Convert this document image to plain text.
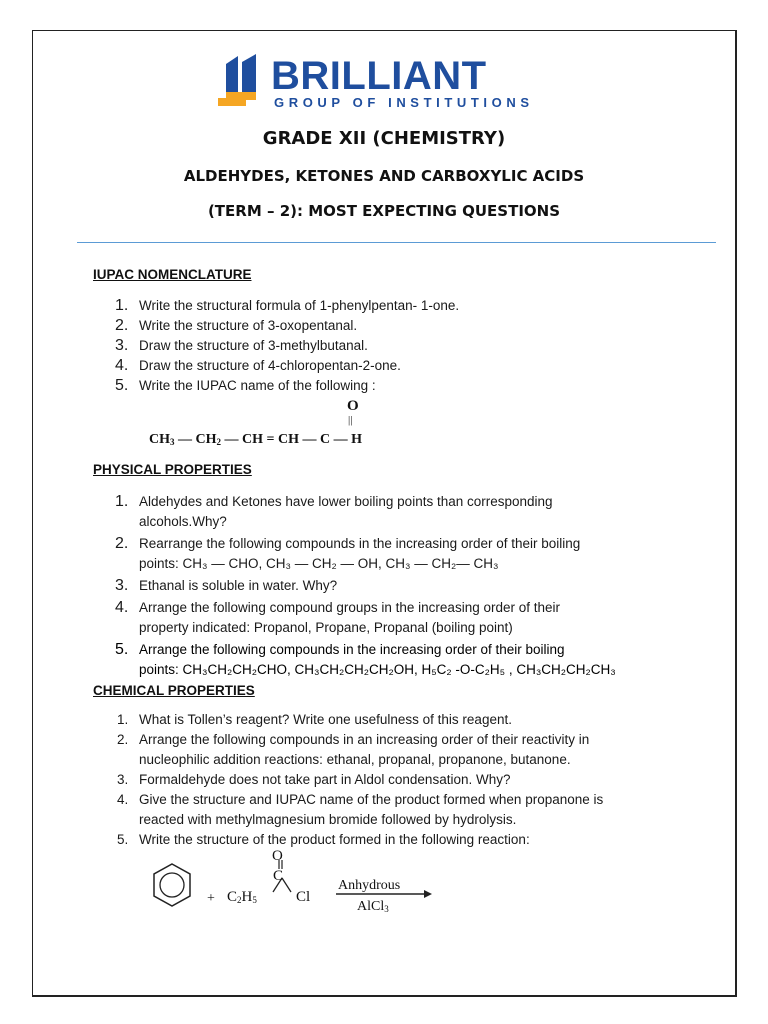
BRILLIANT
GROUP OF INSTITUTIONS
GRADE XII (CHEMISTRY)
ALDEHYDES, KETONES AND CARBOXYLIC ACIDS
(TERM – 2): MOST EXPECTING QUESTIONS
IUPAC NOMENCLATURE
1. Write the structural formula of 1-phenylpentan- 1-one.
2. Write the structure of 3-oxopentanal.
3. Draw the structure of 3-methylbutanal.
4. Draw the structure of 4-chloropentan-2-one.
5. Write the IUPAC name of the following :
O
||
$CH_3$ — $CH_2$ — CH = CH — C — H
PHYSICAL PROPERTIES
1. Aldehydes and Ketones have lower boiling points than corresponding
alcohols.Why?
2. Rearrange the following compounds in the increasing order of their boiling
points: CH₃ — CHO, CH₃ — CH₂ — OH, CH₃ — CH₂— CH₃
3. Ethanal is soluble in water. Why?
4. Arrange the following compound groups in the increasing order of their
property indicated: Propanol, Propane, Propanal (boiling point)
5. Arrange the following compounds in the increasing order of their boiling
points: CH₃CH₂CH₂CHO, CH₃CH₂CH₂CH₂OH, H₅C₂ -O-C₂H₅ , CH₃CH₂CH₂CH₃
CHEMICAL PROPERTIES
1. What is Tollen’s reagent? Write one usefulness of this reagent.
2. Arrange the following compounds in an increasing order of their reactivity in
nucleophilic addition reactions: ethanal, propanal, propanone, butanone.
3. Formaldehyde does not take part in Aldol condensation. Why?
4. Give the structure and IUPAC name of the product formed when propanone is
reacted with methylmagnesium bromide followed by hydrolysis.
5. Write the structure of the product formed in the following reaction:
+ $C_2H_5$
O
C
Cl
Anhydrous
AlCl$_3$
